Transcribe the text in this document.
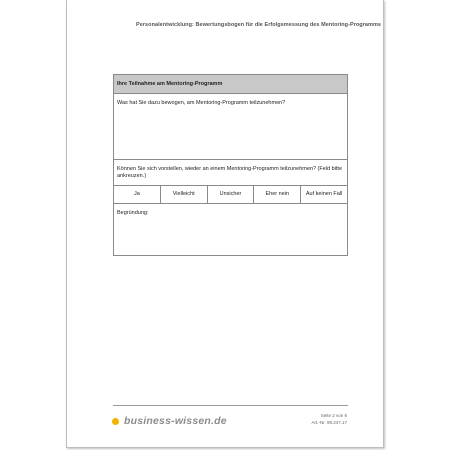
Personalentwicklung: Bewertungsbogen für die Erfolgsmessung des Mentoring-Programms
Ihre Teilnahme am Mentoring-Programm
Was hat Sie dazu bewogen, am Mentoring-Programm teilzunehmen?
Können Sie sich vorstellen, wieder an einem Mentoring-Programm teilzunehmen? (Feld bitte ankreuzen.)
Ja	Vielleicht	Unsicher	Eher nein	Auf keinen Fall
Begründung:
business-wissen.de	Seite 2 von 6
Art.-Nr. 99.247.17
